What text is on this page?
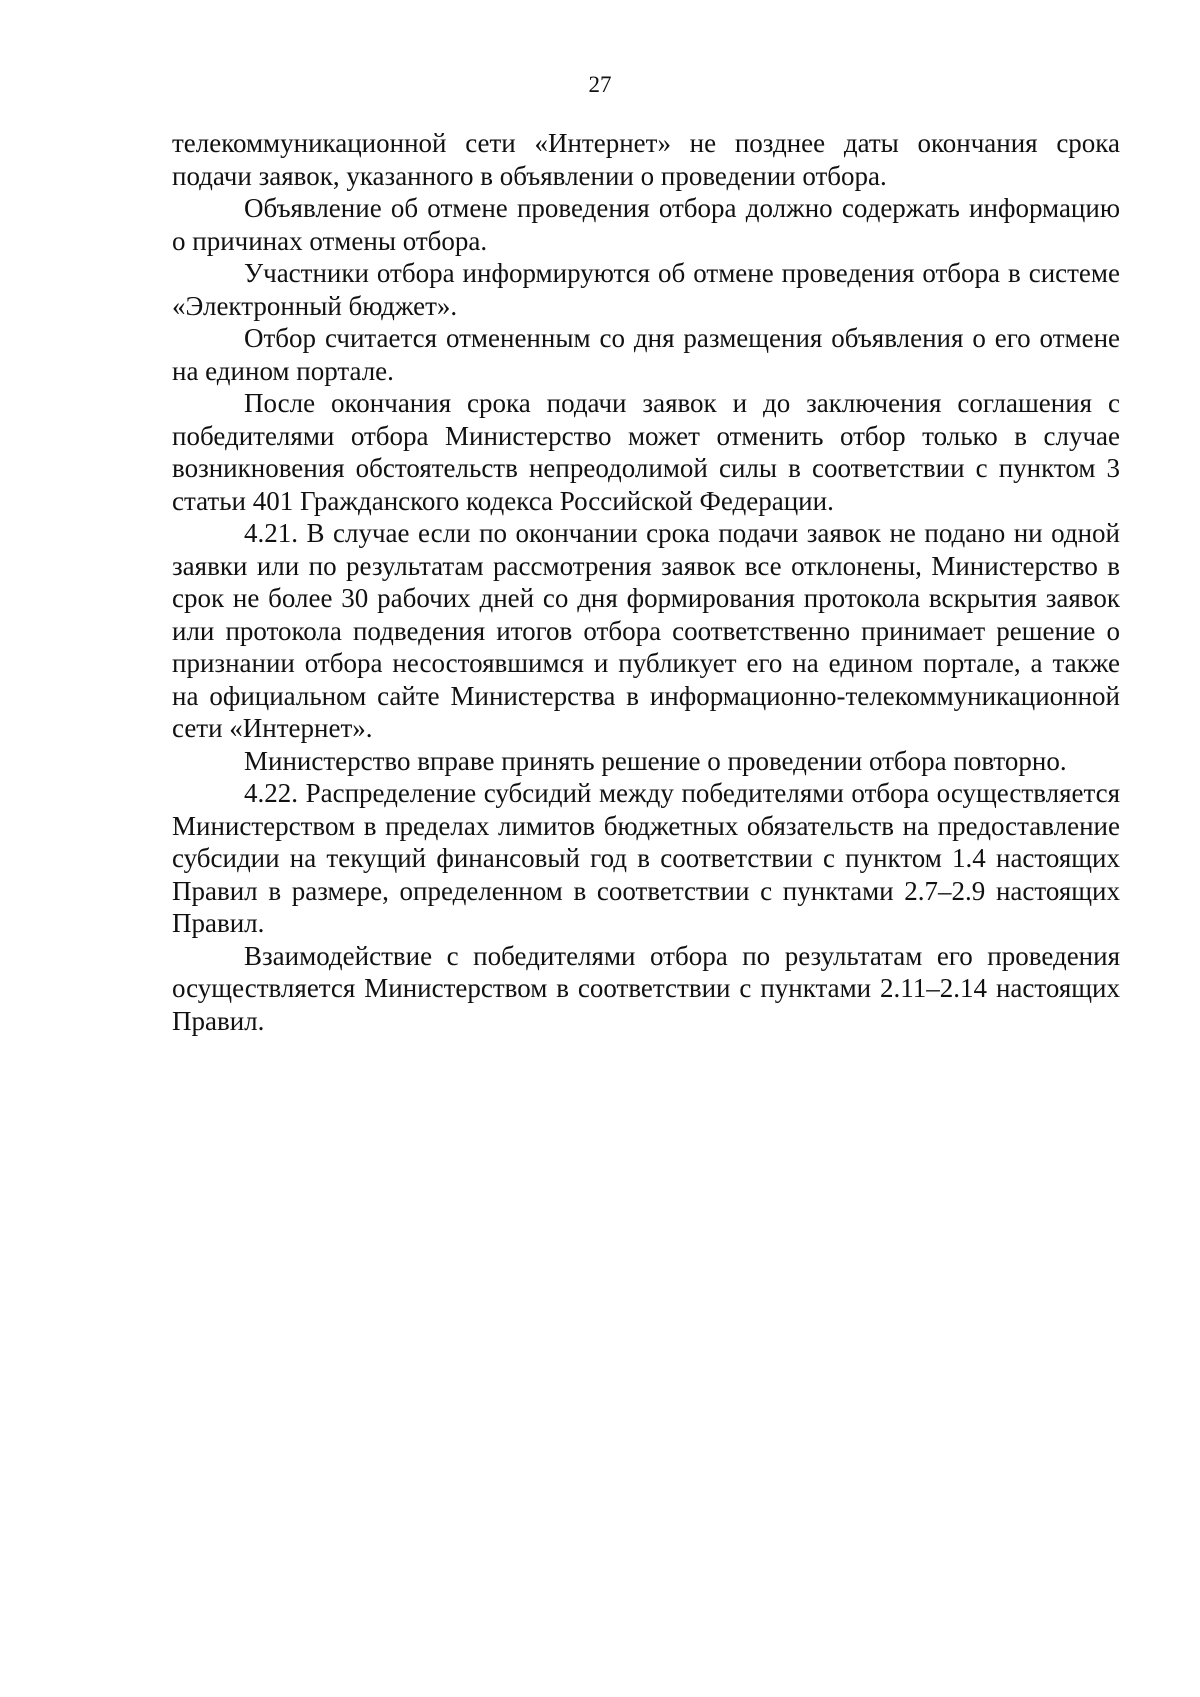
27

телекоммуникационной сети «Интернет» не позднее даты окончания срока подачи заявок, указанного в объявлении о проведении отбора.

Объявление об отмене проведения отбора должно содержать информацию о причинах отмены отбора.

Участники отбора информируются об отмене проведения отбора в системе «Электронный бюджет».

Отбор считается отмененным со дня размещения объявления о его отмене на едином портале.

После окончания срока подачи заявок и до заключения соглашения с победителями отбора Министерство может отменить отбор только в случае возникновения обстоятельств непреодолимой силы в соответствии с пунктом 3 статьи 401 Гражданского кодекса Российской Федерации.

4.21. В случае если по окончании срока подачи заявок не подано ни одной заявки или по результатам рассмотрения заявок все отклонены, Министерство в срок не более 30 рабочих дней со дня формирования протокола вскрытия заявок или протокола подведения итогов отбора соответственно принимает решение о признании отбора несостоявшимся и публикует его на едином портале, а также на официальном сайте Министерства в информационно-телекоммуникационной сети «Интернет».

Министерство вправе принять решение о проведении отбора повторно.

4.22. Распределение субсидий между победителями отбора осуществляется Министерством в пределах лимитов бюджетных обязательств на предоставление субсидии на текущий финансовый год в соответствии с пунктом 1.4 настоящих Правил в размере, определенном в соответствии с пунктами 2.7–2.9 настоящих Правил.

Взаимодействие с победителями отбора по результатам его проведения осуществляется Министерством в соответствии с пунктами 2.11–2.14 настоящих Правил.
